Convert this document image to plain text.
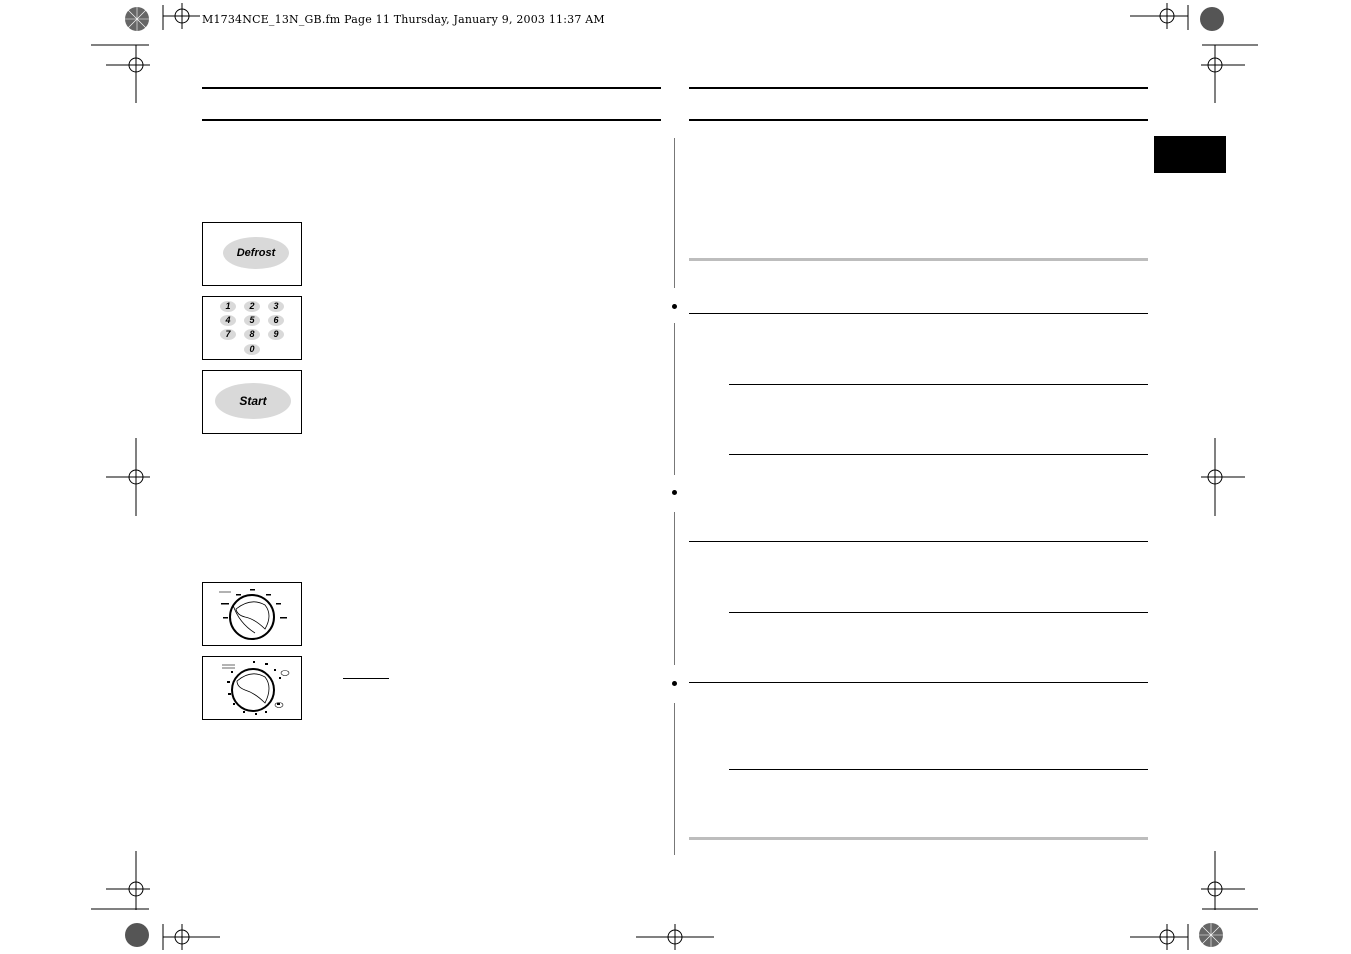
M1734NCE_13N_GB.fm Page 11 Thursday, January 9, 2003 11:37 AM
Defrost
1	2	3
4	5	6
7	8	9
0
Start
